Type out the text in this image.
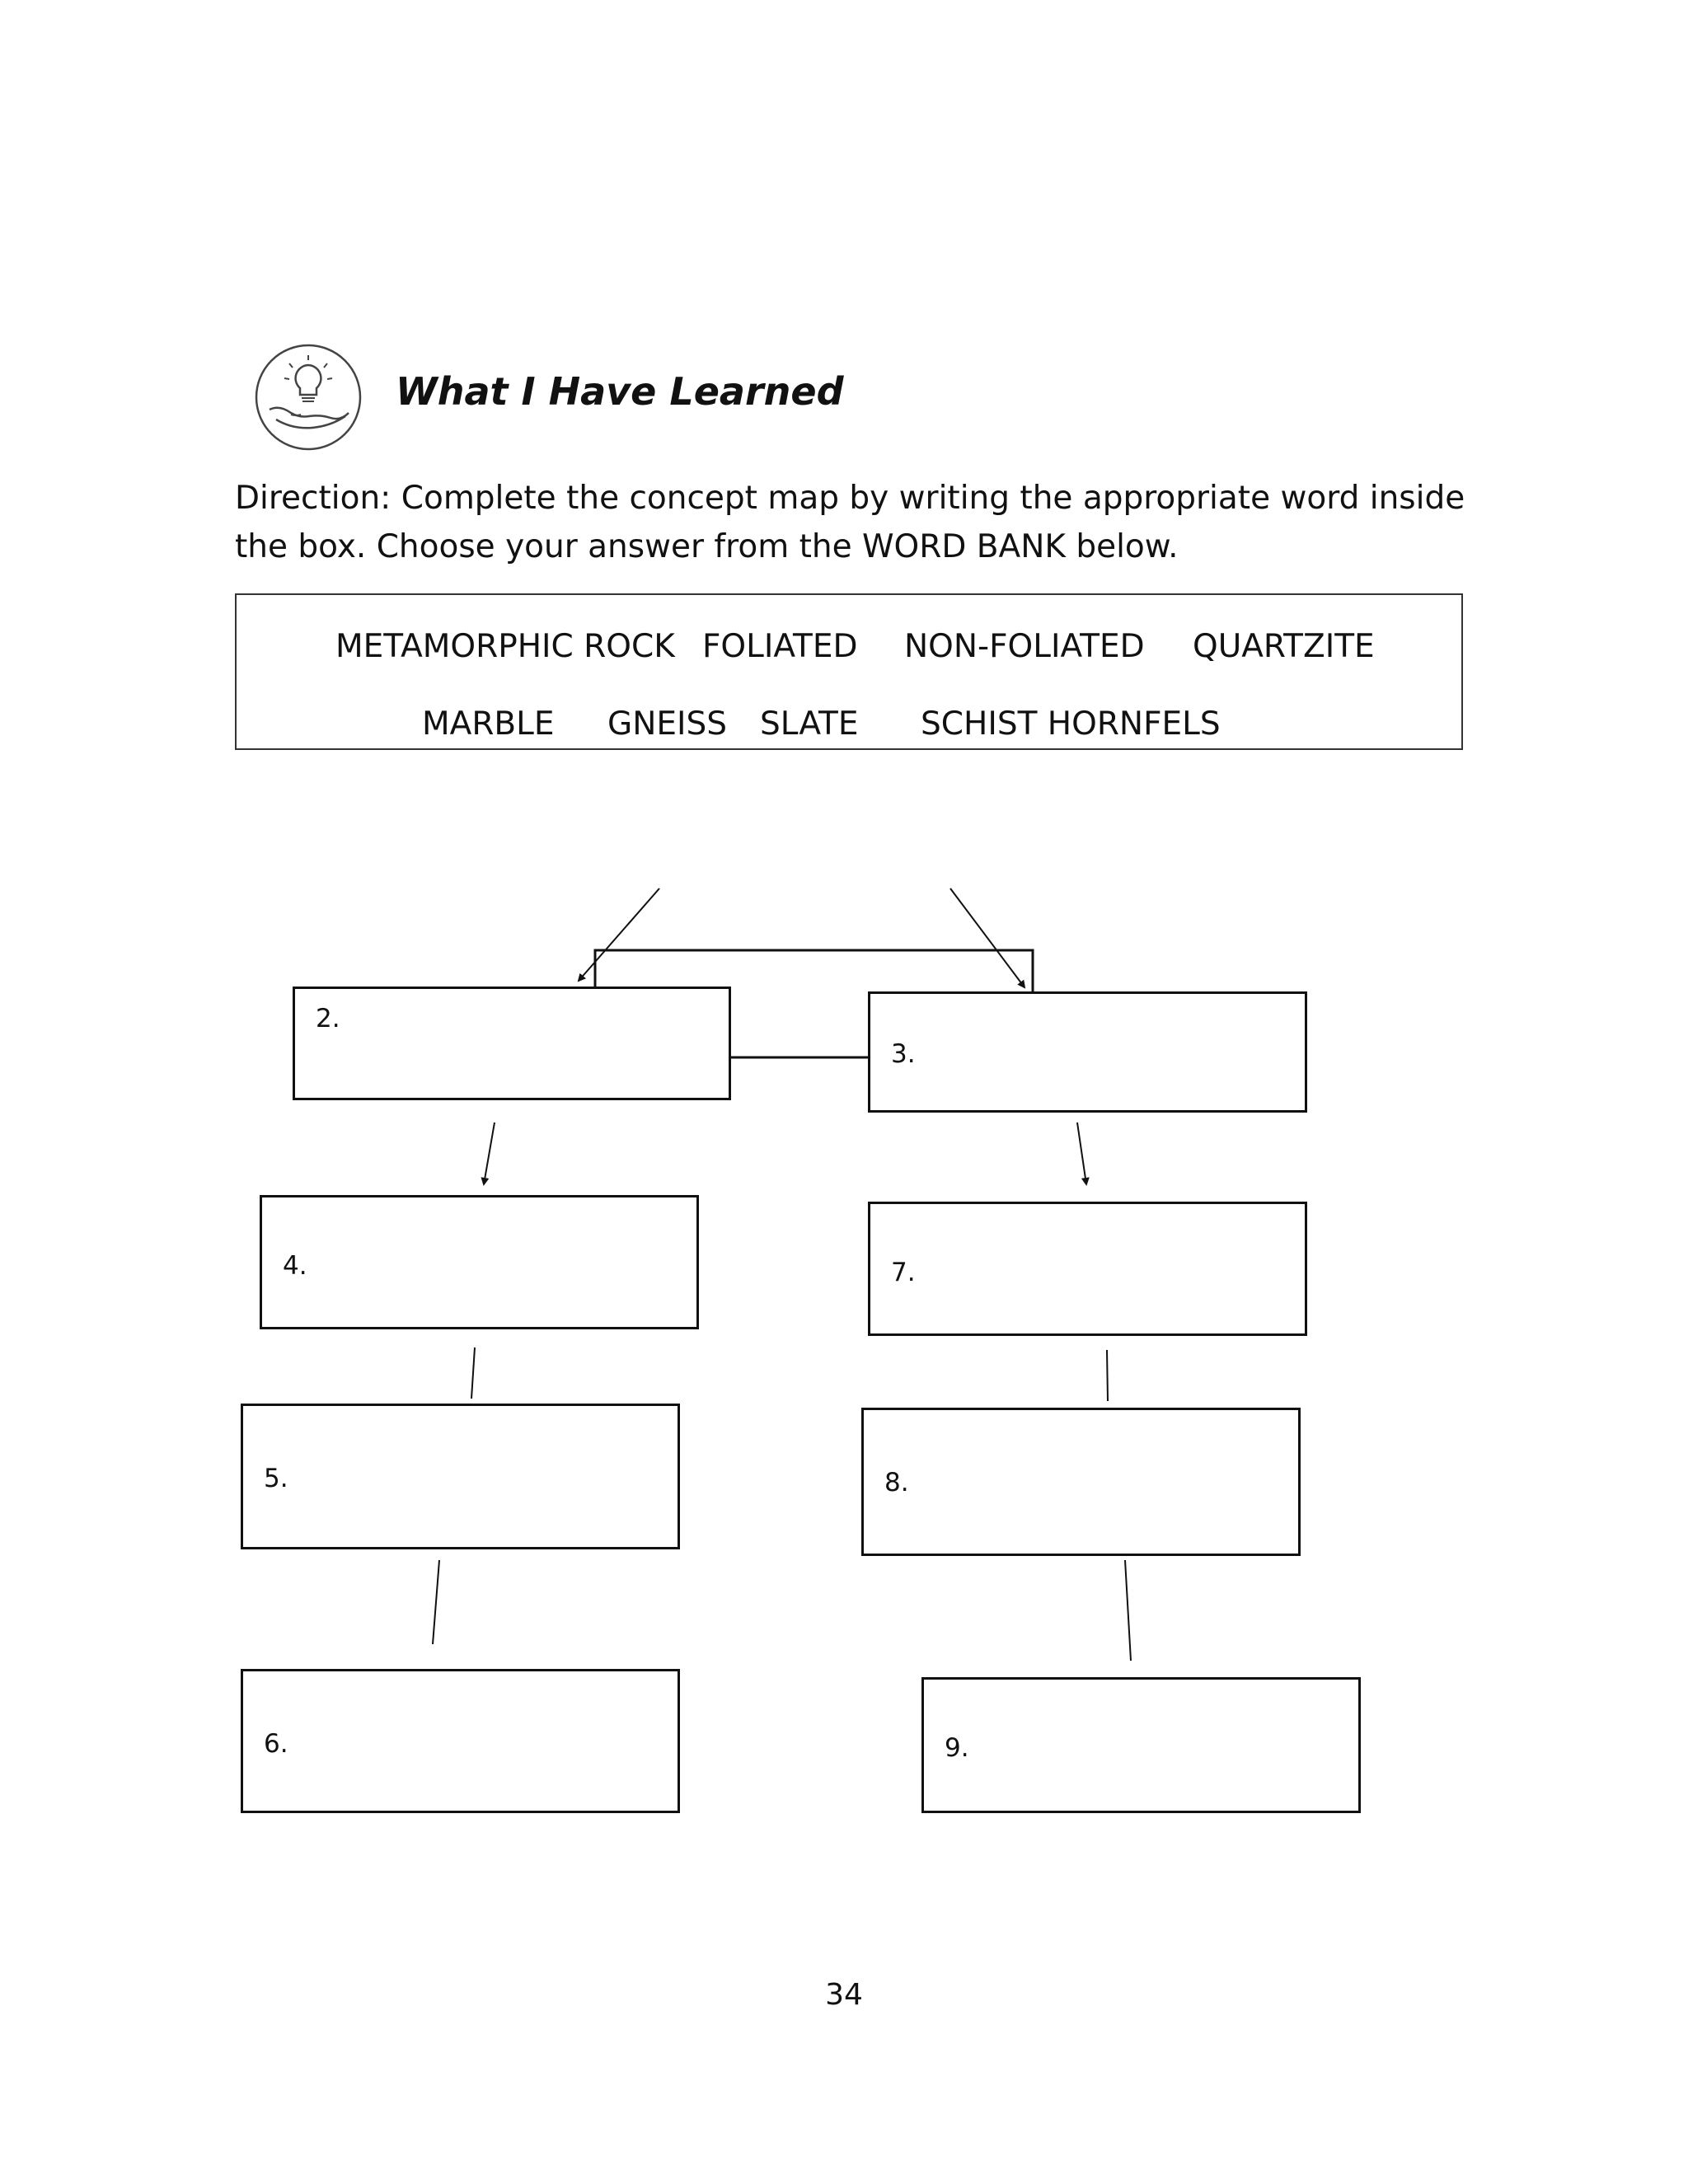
What I Have Learned
Direction: Complete the concept map by writing the appropriate word inside the box. Choose your answer from the WORD BANK below.
METAMORPHIC ROCK FOLIATED NON-FOLIATED QUARTZITE
MARBLE GNEISS SLATE SCHIST HORNFELS
2.
3.
4.
5.
6.
7.
8.
9.
34
